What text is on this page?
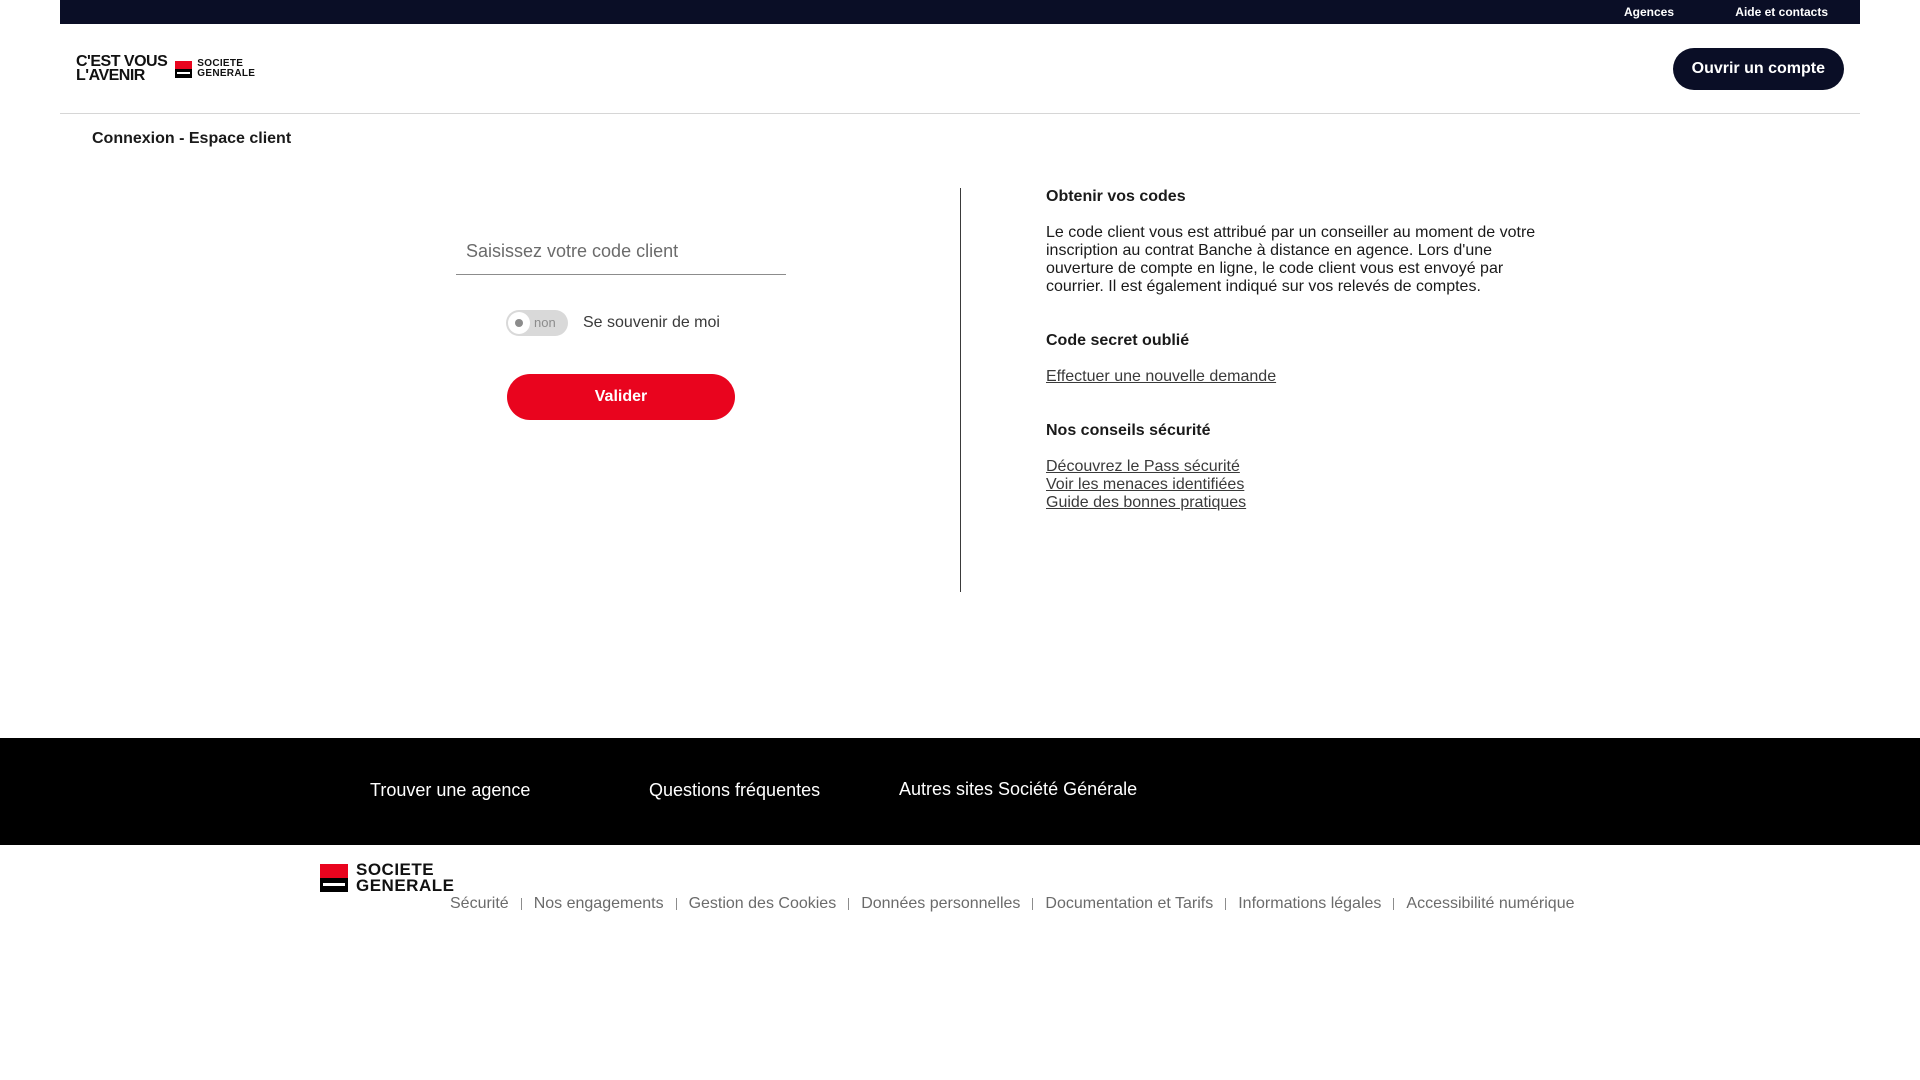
Agences	Aide et contacts
C'EST VOUS
L'AVENIR
SOCIETE
GENERALE	Ouvrir un compte
Connexion - Espace client
Saisissez votre code client
non Se souvenir de moi
Valider
Obtenir vos codes

Le code client vous est attribué par un conseiller au moment de votre inscription au contrat Banche à distance en agence. Lors d'une ouverture de compte en ligne, le code client vous est envoyé par courrier. Il est également indiqué sur vos relevés de comptes.

Code secret oublié
Effectuer une nouvelle demande
Nos conseils sécurité
Découvrez le Pass sécurité
Voir les menaces identifiées
Guide des bonnes pratiques
Trouver une agence	Questions fréquentes	Autres sites Société Générale
SOCIETE
GENERALE
Sécurité Nos engagements Gestion des Cookies Données personnelles Documentation et Tarifs Informations légales Accessibilité numérique
